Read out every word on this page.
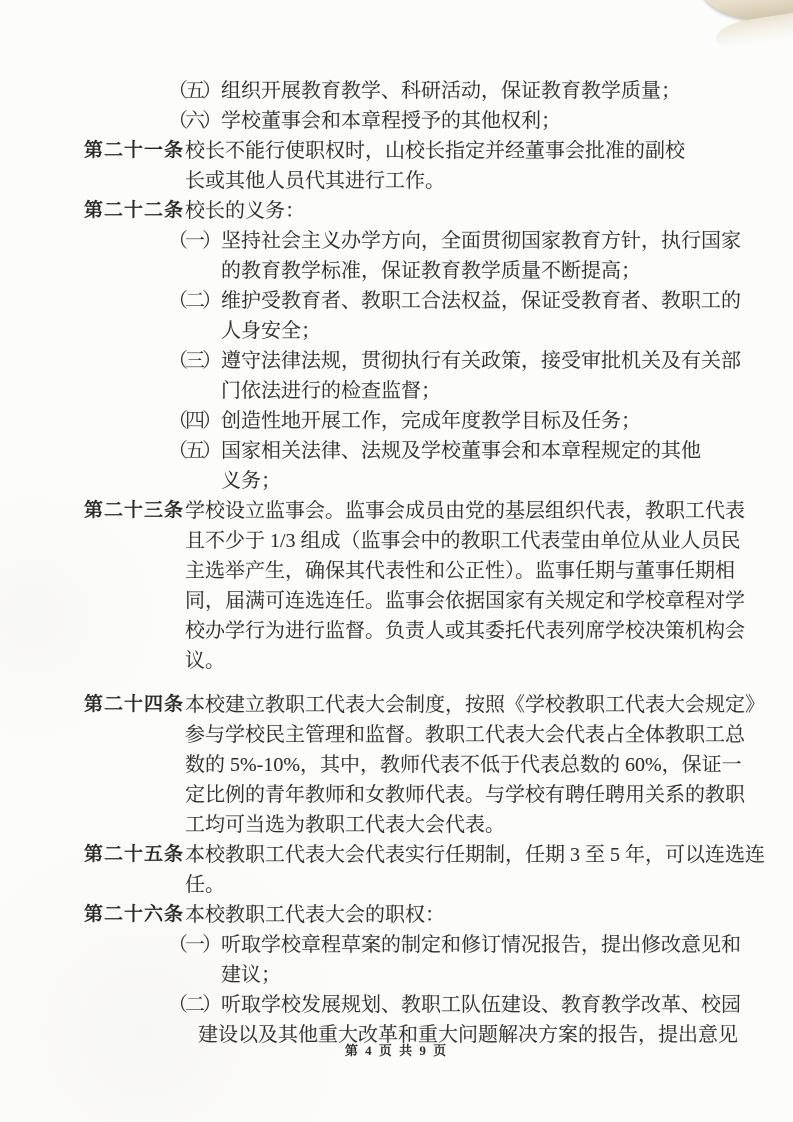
（五） 组织开展教育教学、科研活动，保证教育教学质量；
（六） 学校董事会和本章程授予的其他权利；
第二十一条 校长不能行使职权时，山校长指定并经董事会批准的副校
长或其他人员代其进行工作。
第二十二条 校长的义务：
（一） 坚持社会主义办学方向，全面贯彻国家教育方针，执行国家
的教育教学标准，保证教育教学质量不断提高；
（二） 维护受教育者、教职工合法权益，保证受教育者、教职工的
人身安全；
（三） 遵守法律法规，贯彻执行有关政策，接受审批机关及有关部
门依法进行的检查监督；
（四） 创造性地开展工作，完成年度教学目标及任务；
（五） 国家相关法律、法规及学校董事会和本章程规定的其他
义务；
第二十三条 学校设立监事会。监事会成员由党的基层组织代表，教职工代表
且不少于 1/3 组成（监事会中的教职工代表莹由单位从业人员民
主选举产生，确保其代表性和公正性）。监事任期与董事任期相
同，届满可连选连任。监事会依据国家有关规定和学校章程对学
校办学行为进行监督。负责人或其委托代表列席学校决策机构会
议。
第二十四条 本校建立教职工代表大会制度，按照《学校教职工代表大会规定》
参与学校民主管理和监督。教职工代表大会代表占全体教职工总
数的 5%-10%，其中，教师代表不低于代表总数的 60%，保证一
定比例的青年教师和女教师代表。与学校有聘任聘用关系的教职
工均可当选为教职工代表大会代表。
第二十五条 本校教职工代表大会代表实行任期制，任期 3 至 5 年，可以连选连
任。
第二十六条 本校教职工代表大会的职权：
（一） 听取学校章程草案的制定和修订情况报告，提出修改意见和
建议；
（二） 听取学校发展规划、教职工队伍建设、教育教学改革、校园
建设以及其他重大改革和重大问题解决方案的报告，提出意见
第 4 页 共 9 页
